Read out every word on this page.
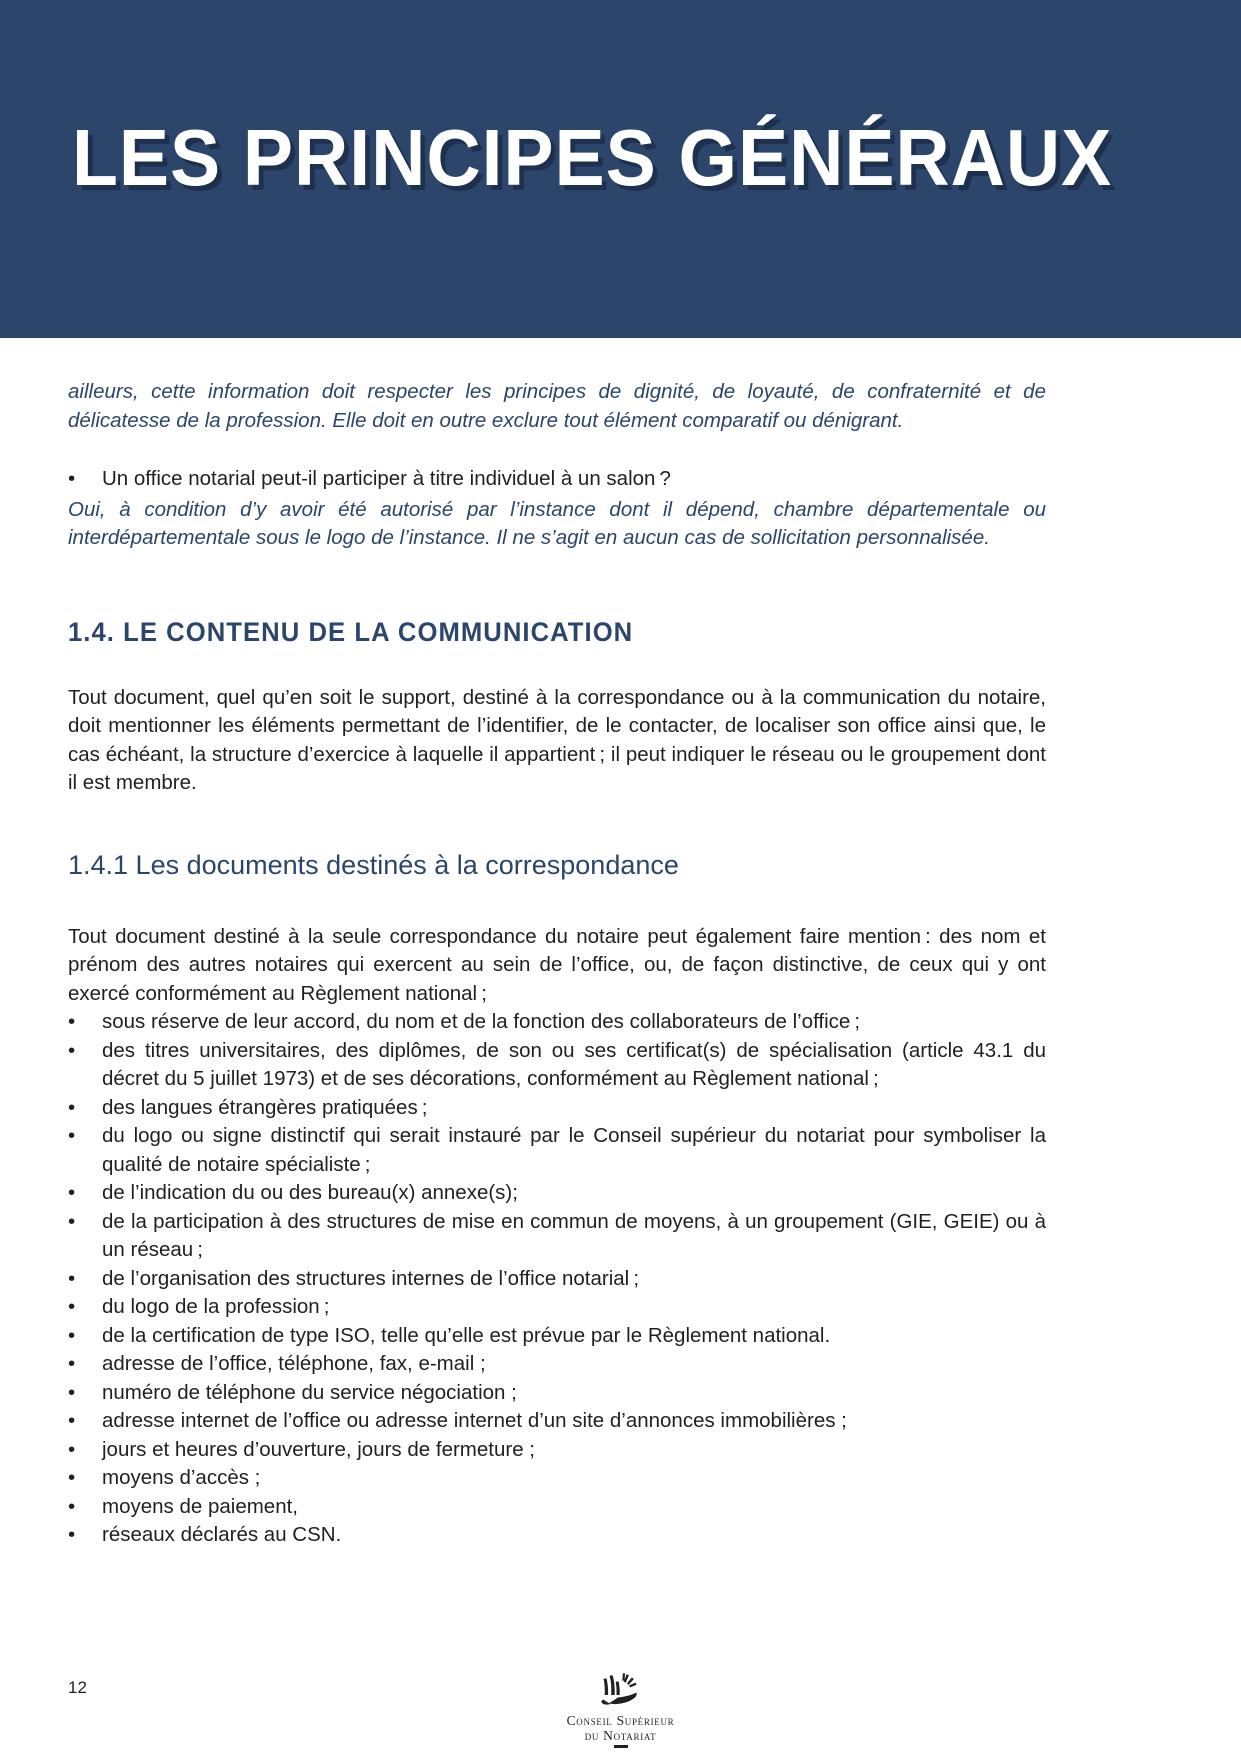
LES PRINCIPES GÉNÉRAUX

ailleurs, cette information doit respecter les principes de dignité, de loyauté, de confraternité et de délicatesse de la profession. Elle doit en outre exclure tout élément comparatif ou dénigrant.

•	Un office notarial peut-il participer à titre individuel à un salon ?

Oui, à condition d’y avoir été autorisé par l’instance dont il dépend, chambre départementale ou interdépartementale sous le logo de l’instance. Il ne s’agit en aucun cas de sollicitation personnalisée.

1.4. LE CONTENU DE LA COMMUNICATION

Tout document, quel qu’en soit le support, destiné à la correspondance ou à la communication du notaire, doit mentionner les éléments permettant de l’identifier, de le contacter, de localiser son office ainsi que, le cas échéant, la structure d’exercice à laquelle il appartient ; il peut indiquer le réseau ou le groupement dont il est membre.

1.4.1 Les documents destinés à la correspondance

Tout document destiné à la seule correspondance du notaire peut également faire mention : des nom et prénom des autres notaires qui exercent au sein de l’office, ou, de façon distinctive, de ceux qui y ont exercé conformément au Règlement national ;

•	sous réserve de leur accord, du nom et de la fonction des collaborateurs de l’office ;
•	des titres universitaires, des diplômes, de son ou ses certificat(s) de spécialisation (article 43.1 du décret du 5 juillet 1973) et de ses décorations, conformément au Règlement national ;
•	des langues étrangères pratiquées ;
•	du logo ou signe distinctif qui serait instauré par le Conseil supérieur du notariat pour symboliser la qualité de notaire spécialiste ;
•	de l’indication du ou des bureau(x) annexe(s);
•	de la participation à des structures de mise en commun de moyens, à un groupement (GIE, GEIE) ou à un réseau ;
•	de l’organisation des structures internes de l’office notarial ;
•	du logo de la profession ;
•	de la certification de type ISO, telle qu’elle est prévue par le Règlement national.
•	adresse de l’office, téléphone, fax, e-mail ;
•	numéro de téléphone du service négociation ;
•	adresse internet de l’office ou adresse internet d’un site d’annonces immobilières ;
•	jours et heures d’ouverture, jours de fermeture ;
•	moyens d’accès ;
•	moyens de paiement,
•	réseaux déclarés au CSN.
12
Conseil Supérieur
du Notariat
